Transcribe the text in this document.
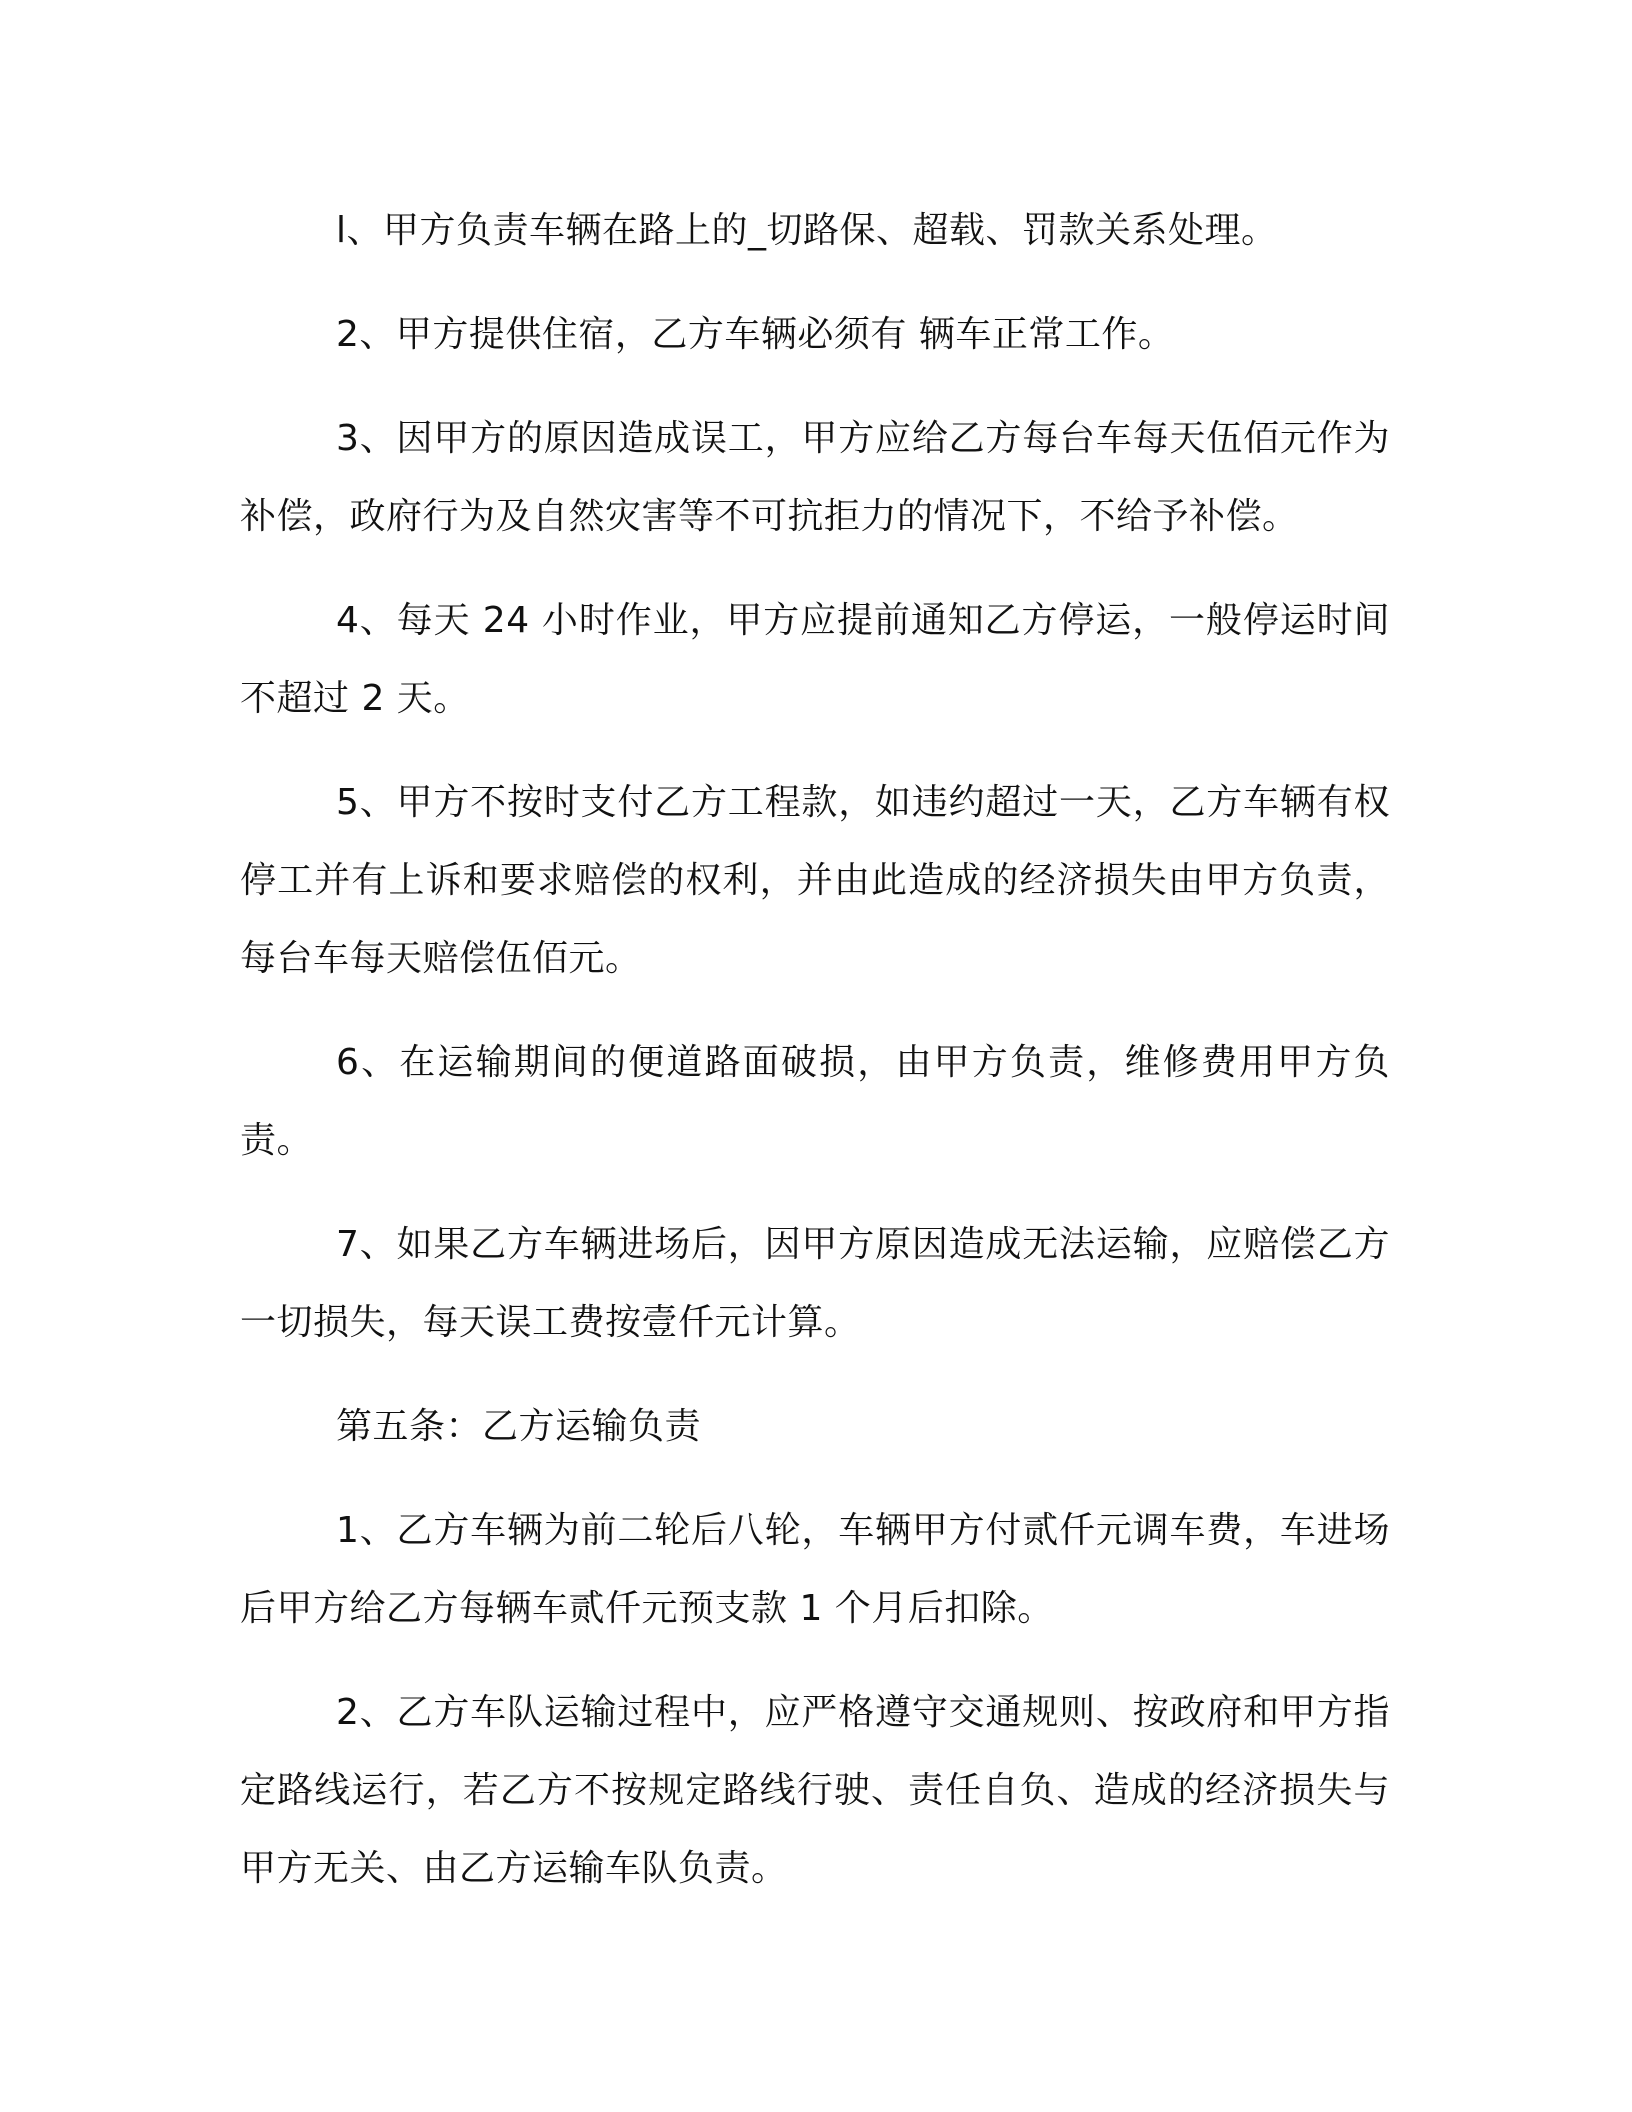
l、甲方负责车辆在路上的_切路保、超载、罚款关系处理。

2、甲方提供住宿，乙方车辆必须有 辆车正常工作。

3、因甲方的原因造成误工，甲方应给乙方每台车每天伍佰元作为补偿，政府行为及自然灾害等不可抗拒力的情况下，不给予补偿。

4、每天 24 小时作业，甲方应提前通知乙方停运，一般停运时间不超过 2 天。

5、甲方不按时支付乙方工程款，如违约超过一天，乙方车辆有权停工并有上诉和要求赔偿的权利，并由此造成的经济损失由甲方负责，每台车每天赔偿伍佰元。

6、在运输期间的便道路面破损，由甲方负责，维修费用甲方负责。

7、如果乙方车辆进场后，因甲方原因造成无法运输，应赔偿乙方一切损失，每天误工费按壹仟元计算。

第五条：乙方运输负责

1、乙方车辆为前二轮后八轮，车辆甲方付贰仟元调车费，车进场后甲方给乙方每辆车贰仟元预支款 1 个月后扣除。

2、乙方车队运输过程中，应严格遵守交通规则、按政府和甲方指定路线运行，若乙方不按规定路线行驶、责任自负、造成的经济损失与甲方无关、由乙方运输车队负责。
